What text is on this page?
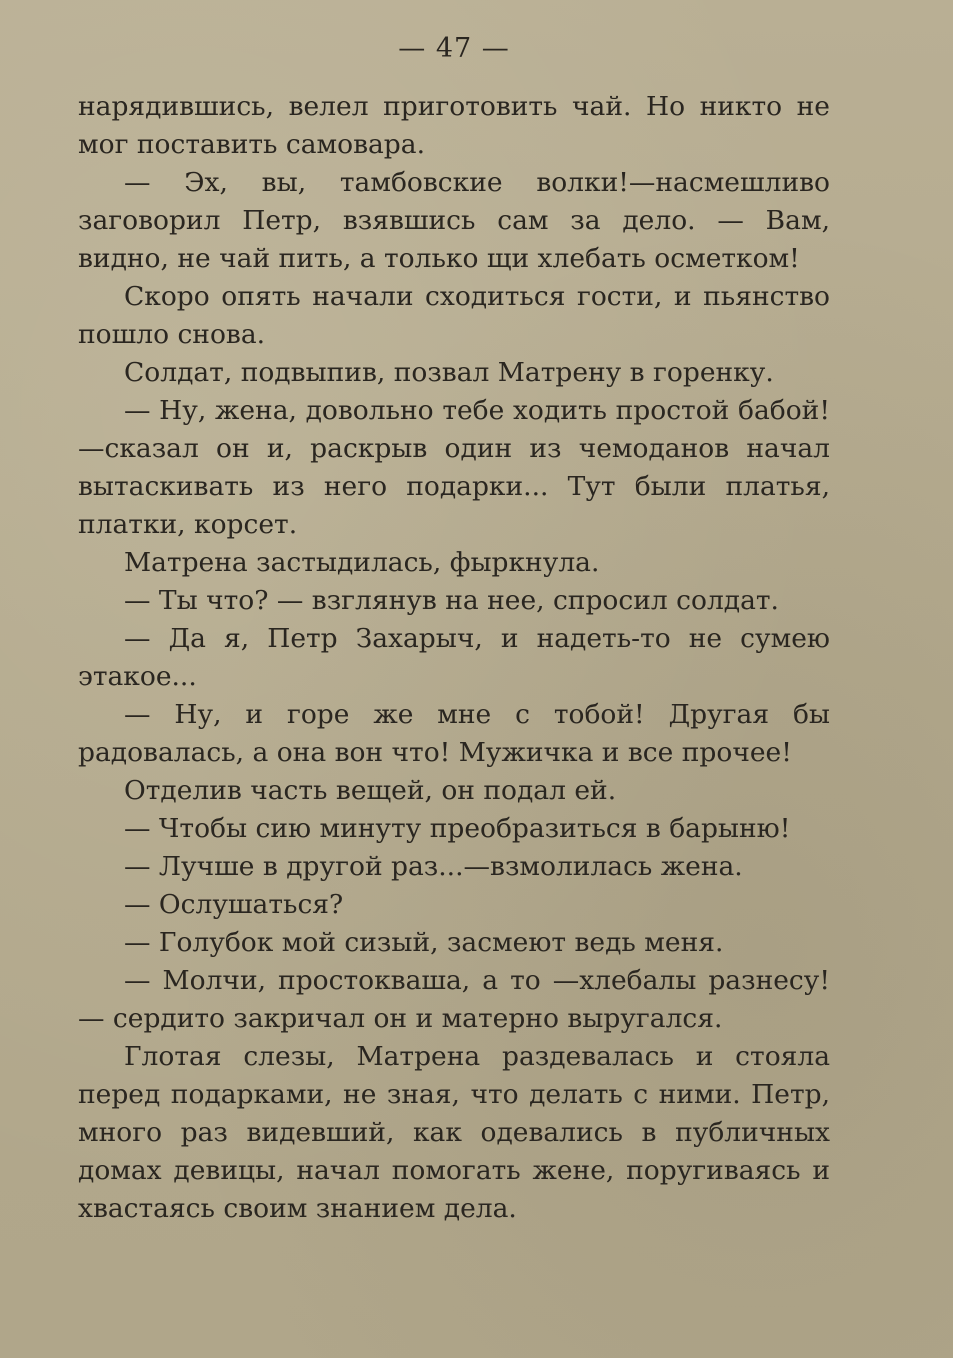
— 47 —

нарядившись, велел приготовить чай. Но никто не мог поставить самовара.

— Эх, вы, тамбовские волки!—насмешливо заговорил Петр, взявшись сам за дело. — Вам, видно, не чай пить, а только щи хлебать осметком!

Скоро опять начали сходиться гости, и пьянство пошло снова.

Солдат, подвыпив, позвал Матрену в горенку.

— Ну, жена, довольно тебе ходить простой бабой!—сказал он и, раскрыв один из чемоданов начал вытаскивать из него подарки... Тут были платья, платки, корсет.

Матрена застыдилась, фыркнула.

— Ты что? — взглянув на нее, спросил солдат.

— Да я, Петр Захарыч, и надеть-то не сумею этакое...

— Ну, и горе же мне с тобой! Другая бы радовалась, а она вон что! Мужичка и все прочее!

Отделив часть вещей, он подал ей.

— Чтобы сию минуту преобразиться в барыню!

— Лучше в другой раз...—взмолилась жена.

— Ослушаться?

— Голубок мой сизый, засмеют ведь меня.

— Молчи, простокваша, а то —хлебалы разнесу!— сердито закричал он и матерно выругался.

Глотая слезы, Матрена раздевалась и стояла перед подарками, не зная, что делать с ними. Петр, много раз видевший, как одевались в публичных домах девицы, начал помогать жене, поругиваясь и хвастаясь своим знанием дела.
